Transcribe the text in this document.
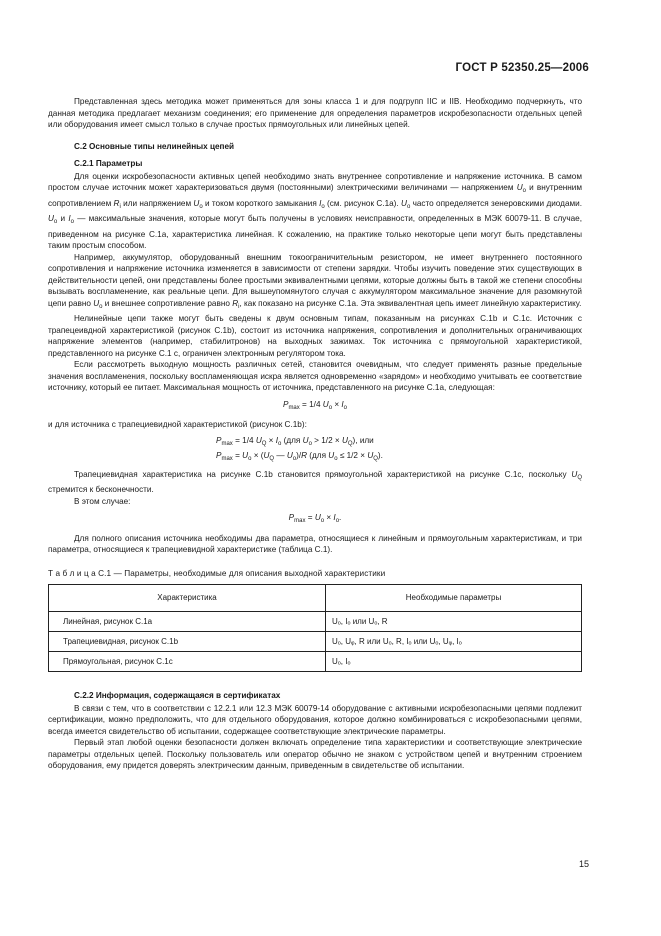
ГОСТ Р 52350.25—2006

Представленная здесь методика может применяться для зоны класса 1 и для подгрупп IIC и IIB. Необходимо подчеркнуть, что данная методика предлагает механизм соединения; его применение для определения параметров искробезопасности отдельных цепей или оборудования имеет смысл только в случае простых прямоугольных или линейных цепей.

С.2 Основные типы нелинейных цепей

С.2.1 Параметры

Для оценки искробезопасности активных цепей необходимо знать внутреннее сопротивление и напряжение источника. В самом простом случае источник может характеризоваться двумя (постоянными) электрическими величинами — напряжением $U_o$ и внутренним сопротивлением $R_i$ или напряжением $U_o$ и током короткого замыкания $I_o$ (см. рисунок С.1а). $U_o$ часто определяется зенеровскими диодами. $U_o$ и $I_o$ — максимальные значения, которые могут быть получены в условиях неисправности, определенных в МЭК 60079-11. В случае, приведенном на рисунке С.1а, характеристика линейная. К сожалению, на практике только некоторые цепи могут быть представлены таким простым способом.

Например, аккумулятор, оборудованный внешним токоограничительным резистором, не имеет внутреннего постоянного сопротивления и напряжение источника изменяется в зависимости от степени зарядки. Чтобы изучить поведение этих существующих в действительности цепей, они представлены более простыми эквивалентными цепями, которые должны быть в такой же степени способны вызывать воспламенение, как реальные цепи. Для вышеупомянутого случая с аккумулятором максимальное значение для разомкнутой цепи равно $U_o$ и внешнее сопротивление равно $R_i$, как показано на рисунке С.1а. Эта эквивалентная цепь имеет линейную характеристику.

Нелинейные цепи также могут быть сведены к двум основным типам, показанным на рисунках С.1b и С.1с. Источник с трапецеивдной характеристикой (рисунок С.1b), состоит из источника напряжения, сопротивления и дополнительных ограничивающих напряжение элементов (например, стабилитронов) на выходных зажимах. Ток источника с прямоугольной характеристикой, представленного на рисунке С.1 с, ограничен электронным регулятором тока.

Если рассмотреть выходную мощность различных сетей, становится очевидным, что следует применять разные предельные значения воспламенения, поскольку воспламеняющая искра является одновременно «зарядом» и необходимо учитывать ее соответствие источнику, который ее питает. Максимальная мощность от источника, представленного на рисунке С.1а, следующая:

$P_{max} = 1/4$ $U_o \times I_o$

и для источника с трапециевидной характеристикой (рисунок С.1b):

$P_{max} = 1/4$ $U_Q \times I_o$ (для $U_o > 1/2 \times U_Q$), или
$P_{max} = U_o \times (U_Q$ — $U_o)/R$ (для $U_o \le 1/2 \times U_Q$).

Трапециевидная характеристика на рисунке С.1b становится прямоугольной характеристикой на рисунке С.1с, поскольку $U_Q$ стремится к бесконечности.

В этом случае:

$P_{max} = U_o \times I_o$.

Для полного описания источника необходимы два параметра, относящиеся к линейным и прямоугольным характеристикам, и три параметра, относящиеся к трапециевидной характеристике (таблица С.1).

Т а б л и ц а С.1 — Параметры, необходимые для описания выходной характеристики

Характеристика	Необходимые параметры
Линейная, рисунок С.1а	Uₒ, Iₒ или Uₒ, R
Трапециевидная, рисунок С.1b	Uₒ, Uᵩ, R или Uₒ, R, Iₒ или Uₒ, Uᵩ, Iₒ
Прямоугольная, рисунок С.1с	Uₒ, Iₒ

С.2.2 Информация, содержащаяся в сертификатах

В связи с тем, что в соответствии с 12.2.1 или 12.3 МЭК 60079-14 оборудование с активными искробезопасными цепями подлежит сертификации, можно предположить, что для отдельного оборудования, которое должно комбинироваться с искробезопасными цепями, всегда имеется свидетельство об испытании, содержащее соответствующие электрические параметры.

Первый этап любой оценки безопасности должен включать определение типа характеристики и соответствующие электрические параметры отдельных цепей. Поскольку пользователь или оператор обычно не знаком с устройством цепей и внутренним строением оборудования, ему придется доверять электрическим данным, приведенным в свидетельстве об испытании.

15
